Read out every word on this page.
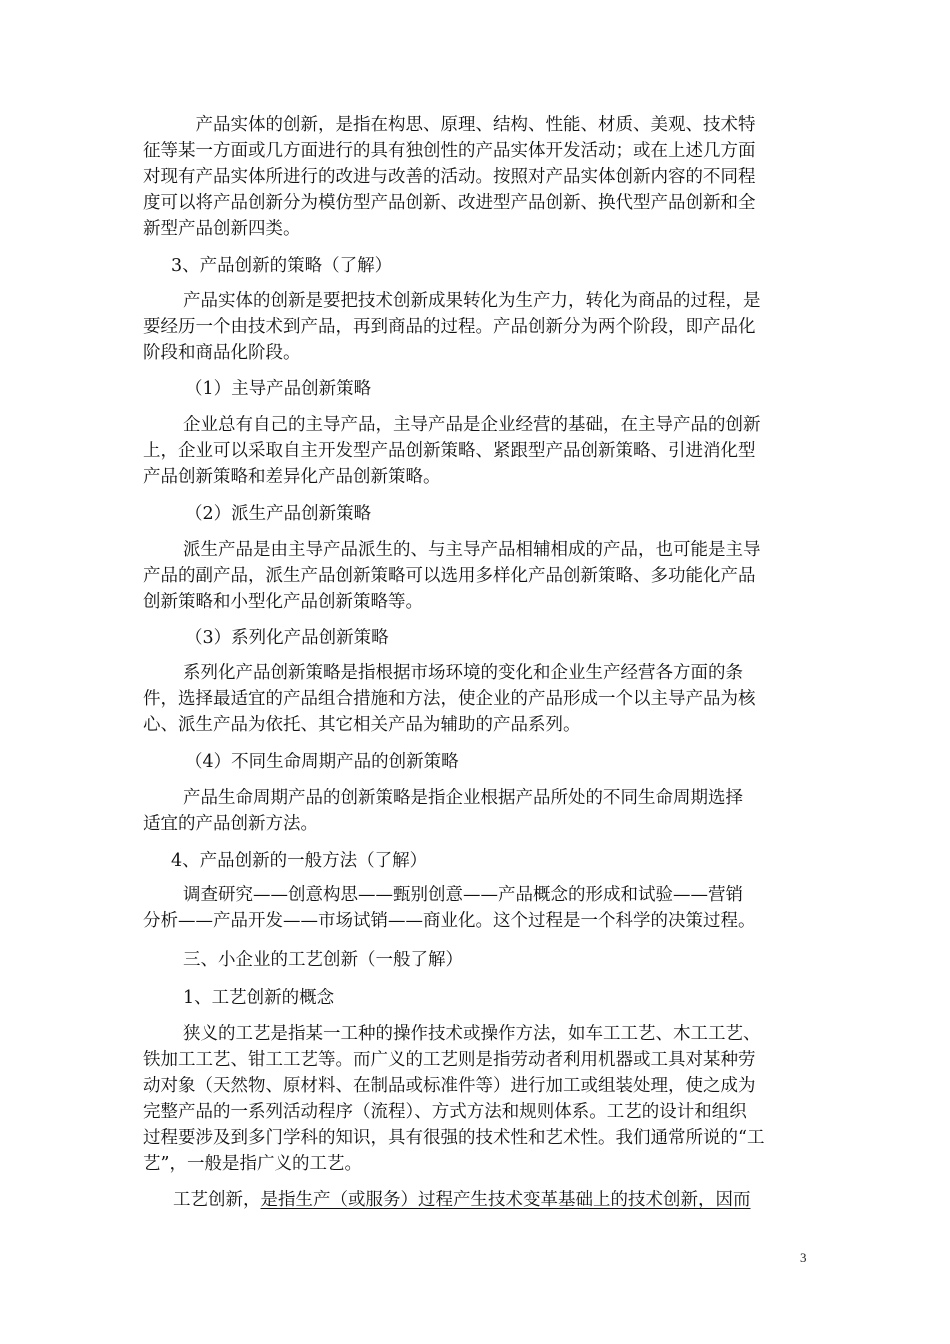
　产品实体的创新，是指在构思、原理、结构、性能、材质、美观、技术特
征等某一方面或几方面进行的具有独创性的产品实体开发活动；或在上述几方面
对现有产品实体所进行的改进与改善的活动。按照对产品实体创新内容的不同程
度可以将产品创新分为模仿型产品创新、改进型产品创新、换代型产品创新和全
新型产品创新四类。
3、产品创新的策略（了解）
产品实体的创新是要把技术创新成果转化为生产力，转化为商品的过程，是
要经历一个由技术到产品，再到商品的过程。产品创新分为两个阶段，即产品化
阶段和商品化阶段。
（1）主导产品创新策略
企业总有自己的主导产品，主导产品是企业经营的基础，在主导产品的创新
上，企业可以采取自主开发型产品创新策略、紧跟型产品创新策略、引进消化型
产品创新策略和差异化产品创新策略。
（2）派生产品创新策略
派生产品是由主导产品派生的、与主导产品相辅相成的产品，也可能是主导
产品的副产品，派生产品创新策略可以选用多样化产品创新策略、多功能化产品
创新策略和小型化产品创新策略等。
（3）系列化产品创新策略
系列化产品创新策略是指根据市场环境的变化和企业生产经营各方面的条
件，选择最适宜的产品组合措施和方法，使企业的产品形成一个以主导产品为核
心、派生产品为依托、其它相关产品为辅助的产品系列。
（4）不同生命周期产品的创新策略
产品生命周期产品的创新策略是指企业根据产品所处的不同生命周期选择
适宜的产品创新方法。
4、产品创新的一般方法（了解）
调查研究——创意构思——甄别创意——产品概念的形成和试验——营销
分析——产品开发——市场试销——商业化。这个过程是一个科学的决策过程。
三、小企业的工艺创新（一般了解）
1、工艺创新的概念
狭义的工艺是指某一工种的操作技术或操作方法，如车工工艺、木工工艺、
铁加工工艺、钳工工艺等。而广义的工艺则是指劳动者利用机器或工具对某种劳
动对象（天然物、原材料、在制品或标准件等）进行加工或组装处理，使之成为
完整产品的一系列活动程序（流程）、方式方法和规则体系。工艺的设计和组织
过程要涉及到多门学科的知识，具有很强的技术性和艺术性。我们通常所说的“工
艺”，一般是指广义的工艺。
工艺创新，是指生产（或服务）过程产生技术变革基础上的技术创新，因而
3
